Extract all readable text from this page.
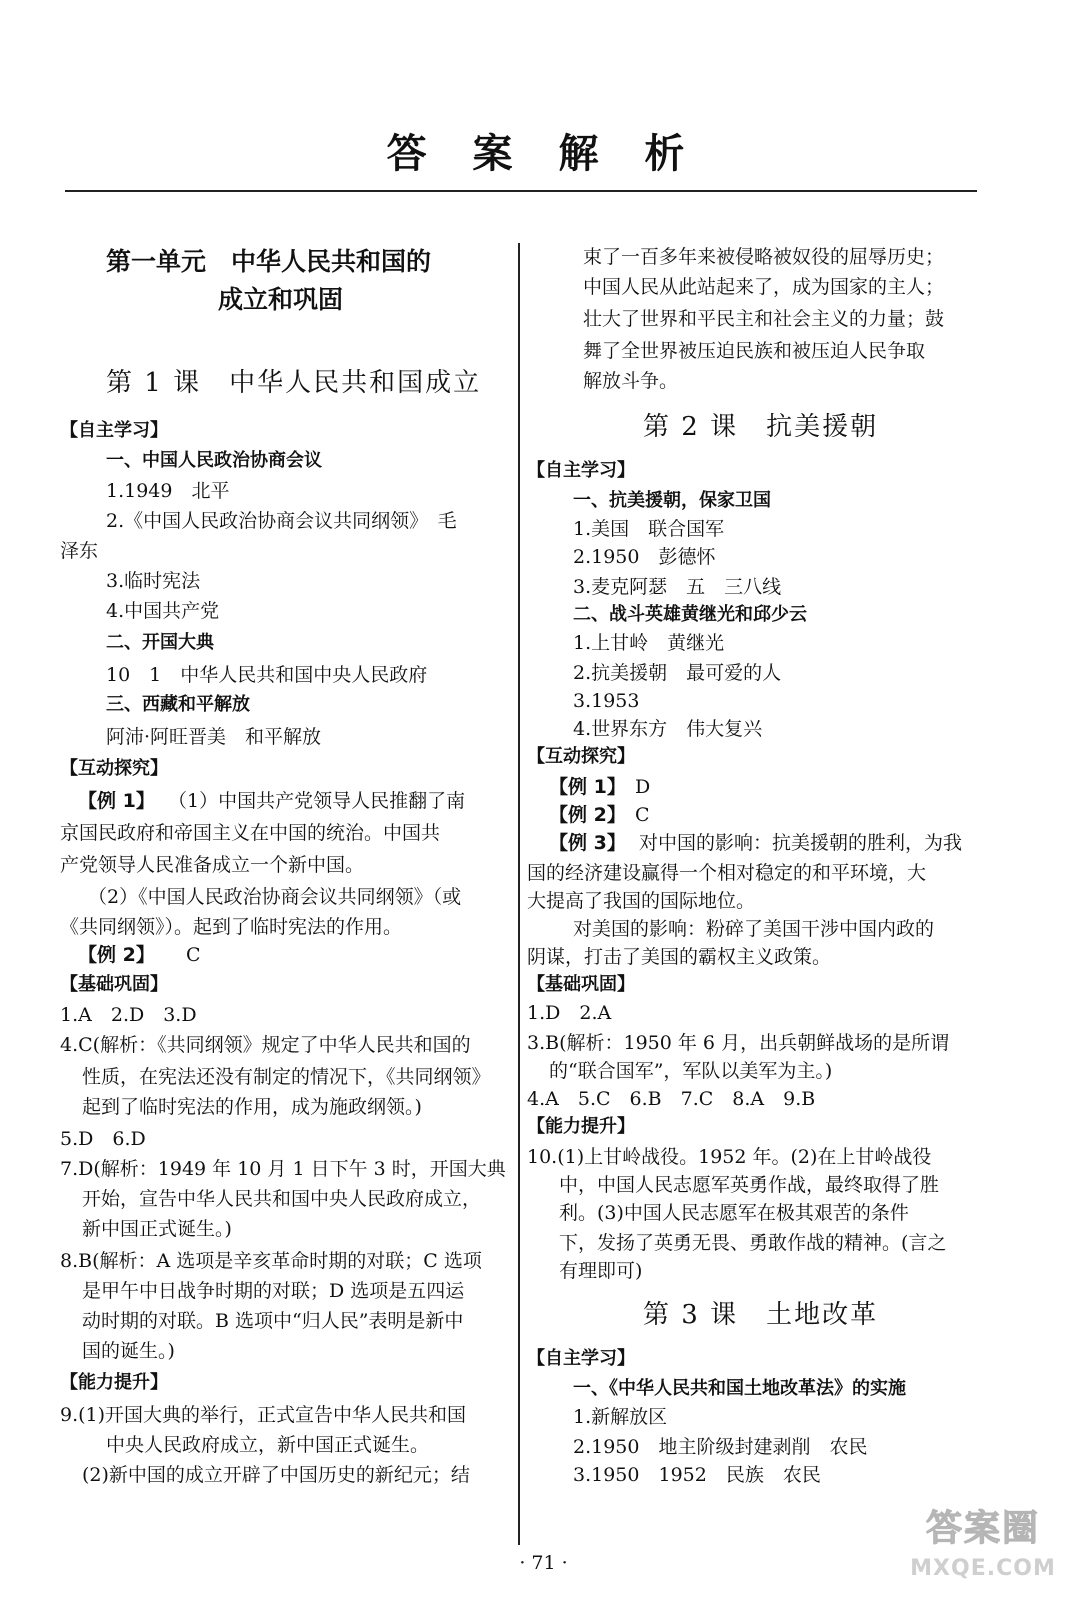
答 案 解 析
第一单元　中华人民共和国的
成立和巩固
第 1 课　中华人民共和国成立
【自主学习】
一、中国人民政治协商会议
1.1949　北平
2.《中国人民政治协商会议共同纲领》　毛
泽东
3.临时宪法
4.中国共产党
二、开国大典
10　1　中华人民共和国中央人民政府
三、西藏和平解放
阿沛·阿旺晋美　和平解放
【互动探究】
【例 1】 （1）中国共产党领导人民推翻了南
京国民政府和帝国主义在中国的统治。中国共
产党领导人民准备成立一个新中国。
（2）《中国人民政治协商会议共同纲领》（或
《共同纲领》）。起到了临时宪法的作用。
【例 2】 C
【基础巩固】
1.A　2.D　3.D
4.C(解析：《共同纲领》规定了中华人民共和国的
性质，在宪法还没有制定的情况下，《共同纲领》
起到了临时宪法的作用，成为施政纲领。)
5.D　6.D
7.D(解析：1949 年 10 月 1 日下午 3 时，开国大典
开始，宣告中华人民共和国中央人民政府成立，
新中国正式诞生。)
8.B(解析：A 选项是辛亥革命时期的对联；C 选项
是甲午中日战争时期的对联；D 选项是五四运
动时期的对联。B 选项中“归人民”表明是新中
国的诞生。)
【能力提升】
9.(1)开国大典的举行，正式宣告中华人民共和国
中央人民政府成立，新中国正式诞生。
(2)新中国的成立开辟了中国历史的新纪元；结
束了一百多年来被侵略被奴役的屈辱历史；
中国人民从此站起来了，成为国家的主人；
壮大了世界和平民主和社会主义的力量；鼓
舞了全世界被压迫民族和被压迫人民争取
解放斗争。
第 2 课　抗美援朝
【自主学习】
一、抗美援朝，保家卫国
1.美国　联合国军
2.1950　彭德怀
3.麦克阿瑟　五　三八线
二、战斗英雄黄继光和邱少云
1.上甘岭　黄继光
2.抗美援朝　最可爱的人
3.1953
4.世界东方　伟大复兴
【互动探究】
【例 1】 D
【例 2】 C
【例 3】 对中国的影响：抗美援朝的胜利，为我
国的经济建设赢得一个相对稳定的和平环境，大
大提高了我国的国际地位。
对美国的影响：粉碎了美国干涉中国内政的
阴谋，打击了美国的霸权主义政策。
【基础巩固】
1.D　2.A
3.B(解析：1950 年 6 月，出兵朝鲜战场的是所谓
的“联合国军”，军队以美军为主。)
4.A　5.C　6.B　7.C　8.A　9.B
【能力提升】
10.(1)上甘岭战役。1952 年。(2)在上甘岭战役
中，中国人民志愿军英勇作战，最终取得了胜
利。(3)中国人民志愿军在极其艰苦的条件
下，发扬了英勇无畏、勇敢作战的精神。(言之
有理即可)
第 3 课　土地改革
【自主学习】
一、《中华人民共和国土地改革法》的实施
1.新解放区
2.1950　地主阶级封建剥削　农民
3.1950　1952　民族　农民
· 71 ·
答案圈
MXQE.COM
